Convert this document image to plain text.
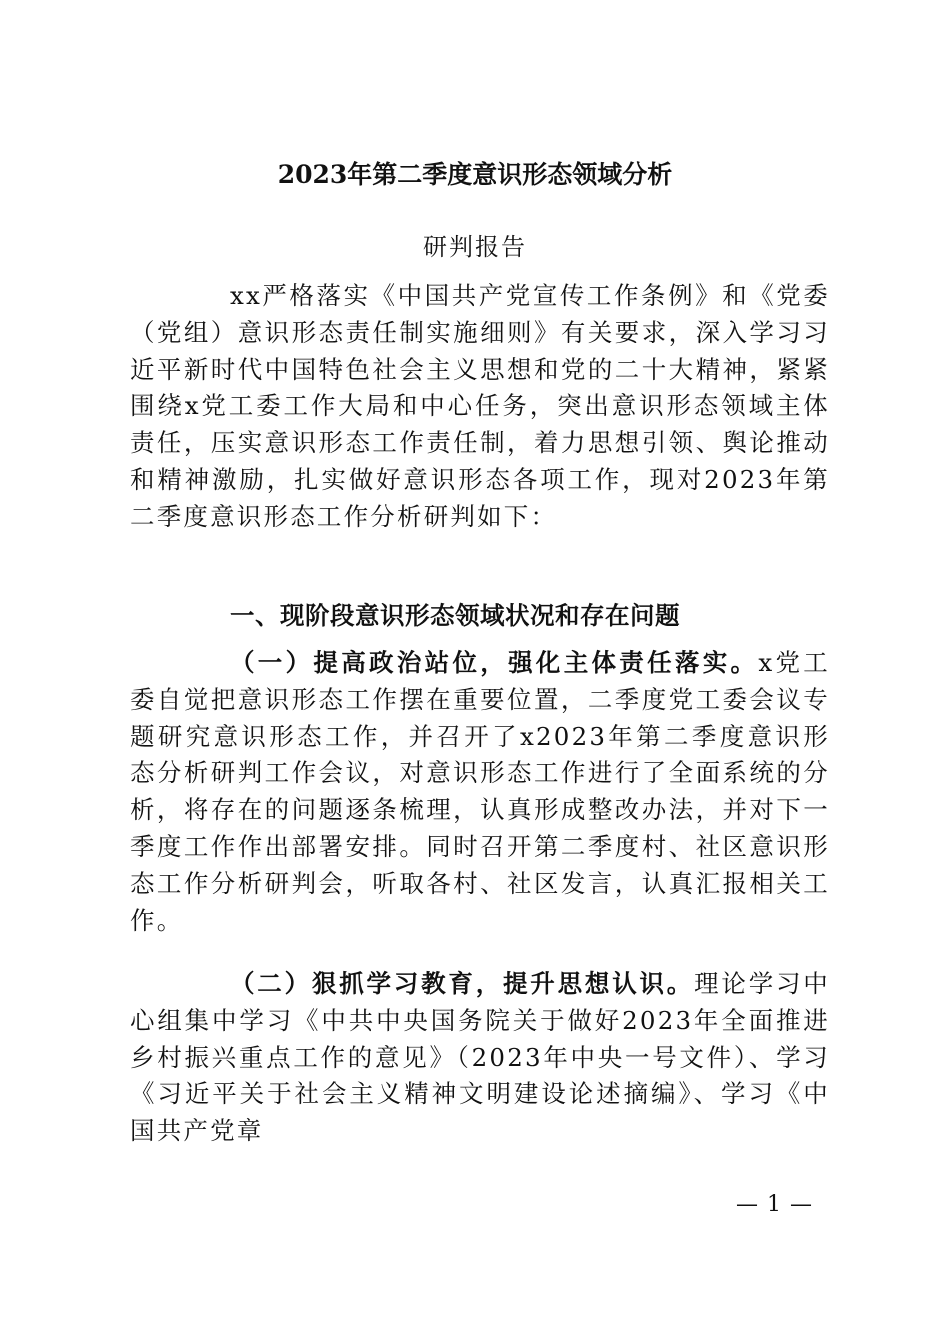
2023年第二季度意识形态领域分析
研判报告

xx严格落实《中国共产党宣传工作条例》和《党委（党组）意识形态责任制实施细则》有关要求，深入学习习近平新时代中国特色社会主义思想和党的二十大精神，紧紧围绕x党工委工作大局和中心任务，突出意识形态领域主体责任，压实意识形态工作责任制，着力思想引领、舆论推动和精神激励，扎实做好意识形态各项工作，现对2023年第二季度意识形态工作分析研判如下：

一、现阶段意识形态领域状况和存在问题

（一）提高政治站位，强化主体责任落实。x党工委自觉把意识形态工作摆在重要位置，二季度党工委会议专题研究意识形态工作，并召开了x2023年第二季度意识形态分析研判工作会议，对意识形态工作进行了全面系统的分析，将存在的问题逐条梳理，认真形成整改办法，并对下一季度工作作出部署安排。同时召开第二季度村、社区意识形态工作分析研判会，听取各村、社区发言，认真汇报相关工作。

（二）狠抓学习教育，提升思想认识。理论学习中心组集中学习《中共中央国务院关于做好2023年全面推进乡村振兴重点工作的意见》（2023年中央一号文件）、学习《习近平关于社会主义精神文明建设论述摘编》、学习《中国共产党章

— 1 —
